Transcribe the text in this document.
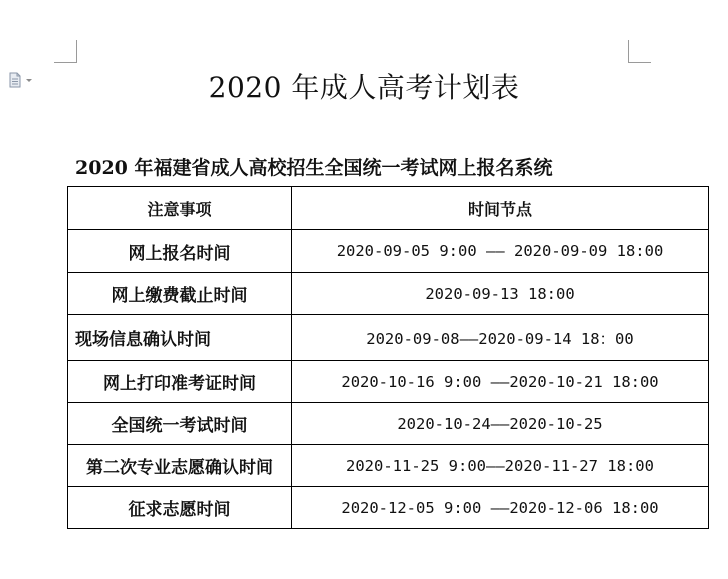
2020 年成人高考计划表
2020 年福建省成人高校招生全国统一考试网上报名系统
注意事项	时间节点
网上报名时间	2020-09-05 9:00 —— 2020-09-09 18:00
网上缴费截止时间	2020-09-13 18:00
现场信息确认时间	2020-09-08——2020-09-14 18：00
网上打印准考证时间	2020-10-16 9:00 ——2020-10-21 18:00
全国统一考试时间	2020-10-24——2020-10-25
第二次专业志愿确认时间	2020-11-25 9:00——2020-11-27 18:00
征求志愿时间	2020-12-05 9:00 ——2020-12-06 18:00
